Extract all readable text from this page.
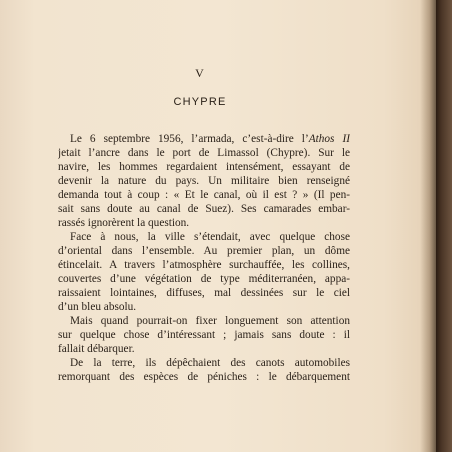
V
CHYPRE
Le 6 septembre 1956, l’armada, c’est-à-dire l’Athos II
jetait l’ancre dans le port de Limassol (Chypre). Sur le
navire, les hommes regardaient intensément, essayant de
devenir la nature du pays. Un militaire bien renseigné
demanda tout à coup : « Et le canal, où il est ? » (Il pen-
sait sans doute au canal de Suez). Ses camarades embar-
rassés ignorèrent la question.
Face à nous, la ville s’étendait, avec quelque chose
d’oriental dans l’ensemble. Au premier plan, un dôme
étincelait. A travers l’atmosphère surchauffée, les collines,
couvertes d’une végétation de type méditerranéen, appa-
raissaient lointaines, diffuses, mal dessinées sur le ciel
d’un bleu absolu.
Mais quand pourrait-on fixer longuement son attention
sur quelque chose d’intéressant ; jamais sans doute : il
fallait débarquer.
De la terre, ils dépêchaient des canots automobiles
remorquant des espèces de péniches : le débarquement
